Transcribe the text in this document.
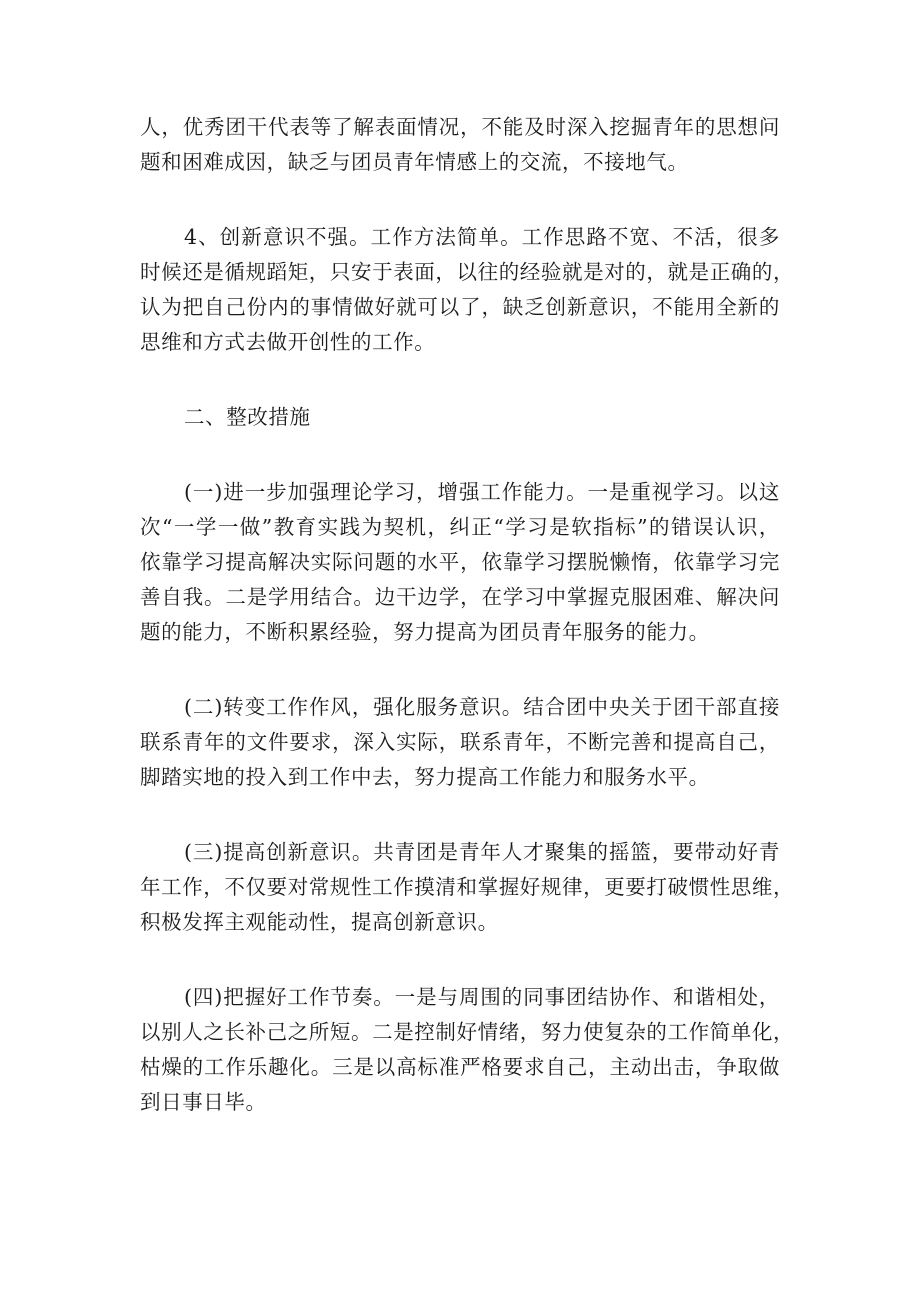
人，优秀团干代表等了解表面情况，不能及时深入挖掘青年的思想问
题和困难成因，缺乏与团员青年情感上的交流，不接地气。

4、创新意识不强。工作方法简单。工作思路不宽、不活，很多
时候还是循规蹈矩，只安于表面，以往的经验就是对的，就是正确的，
认为把自己份内的事情做好就可以了，缺乏创新意识，不能用全新的
思维和方式去做开创性的工作。

二、整改措施

(一)进一步加强理论学习，增强工作能力。一是重视学习。以这
次“一学一做”教育实践为契机，纠正“学习是软指标”的错误认识，
依靠学习提高解决实际问题的水平，依靠学习摆脱懒惰，依靠学习完
善自我。二是学用结合。边干边学，在学习中掌握克服困难、解决问
题的能力，不断积累经验，努力提高为团员青年服务的能力。

(二)转变工作作风，强化服务意识。结合团中央关于团干部直接
联系青年的文件要求，深入实际，联系青年，不断完善和提高自己，
脚踏实地的投入到工作中去，努力提高工作能力和服务水平。

(三)提高创新意识。共青团是青年人才聚集的摇篮，要带动好青
年工作，不仅要对常规性工作摸清和掌握好规律，更要打破惯性思维，
积极发挥主观能动性，提高创新意识。

(四)把握好工作节奏。一是与周围的同事团结协作、和谐相处，
以别人之长补己之所短。二是控制好情绪，努力使复杂的工作简单化，
枯燥的工作乐趣化。三是以高标准严格要求自己，主动出击，争取做
到日事日毕。
